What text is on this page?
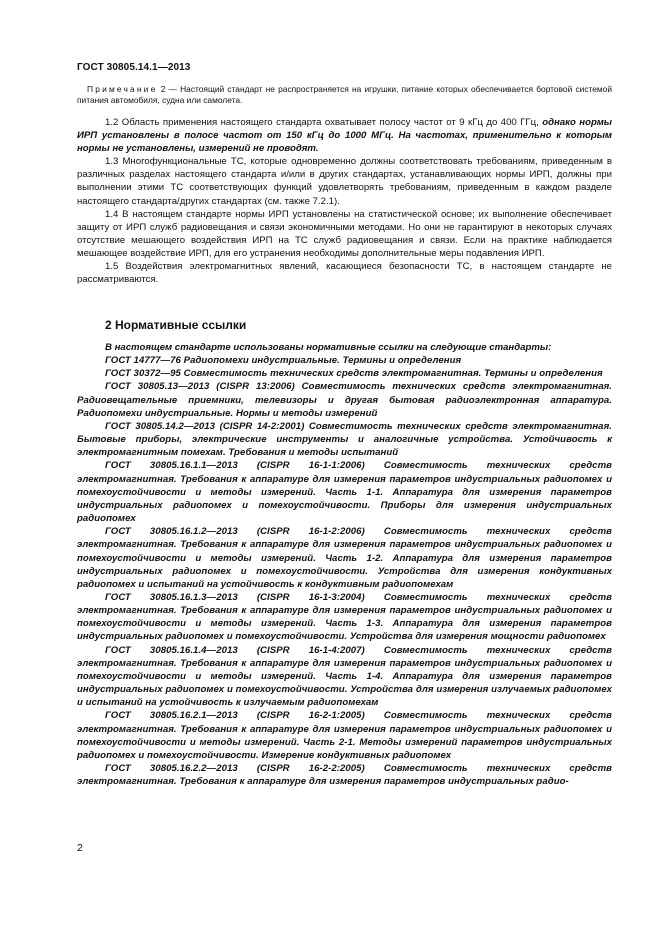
ГОСТ 30805.14.1—2013
Примечание 2 — Настоящий стандарт не распространяется на игрушки, питание которых обеспечивается бортовой системой питания автомобиля, судна или самолета.

1.2 Область применения настоящего стандарта охватывает полосу частот от 9 кГц до 400 ГГц, однако нормы ИРП установлены в полосе частот от 150 кГц до 1000 МГц. На частотах, применительно к которым нормы не установлены, измерений не проводят.

1.3 Многофункциональные ТС, которые одновременно должны соответствовать требованиям, приведенным в различных разделах настоящего стандарта и/или в других стандартах, устанавливающих нормы ИРП, должны при выполнении этими ТС соответствующих функций удовлетворять требованиям, приведенным в каждом разделе настоящего стандарта/других стандартах (см. также 7.2.1).

1.4 В настоящем стандарте нормы ИРП установлены на статистической основе; их выполнение обеспечивает защиту от ИРП служб радиовещания и связи экономичными методами. Но они не гарантируют в некоторых случаях отсутствие мешающего воздействия ИРП на ТС служб радиовещания и связи. Если на практике наблюдается мешающее воздействие ИРП, для его устранения необходимы дополнительные меры подавления ИРП.

1.5 Воздействия электромагнитных явлений, касающиеся безопасности ТС, в настоящем стандарте не рассматриваются.

2 Нормативные ссылки

В настоящем стандарте использованы нормативные ссылки на следующие стандарты:

ГОСТ 14777—76 Радиопомехи индустриальные. Термины и определения

ГОСТ 30372—95 Совместимость технических средств электромагнитная. Термины и определения

ГОСТ 30805.13—2013 (CISPR 13:2006) Совместимость технических средств электромагнитная. Радиовещательные приемники, телевизоры и другая бытовая радиоэлектронная аппаратура. Радиопомехи индустриальные. Нормы и методы измерений

ГОСТ 30805.14.2—2013 (CISPR 14-2:2001) Совместимость технических средств электромагнитная. Бытовые приборы, электрические инструменты и аналогичные устройства. Устойчивость к электромагнитным помехам. Требования и методы испытаний

ГОСТ 30805.16.1.1—2013 (CISPR 16-1-1:2006) Совместимость технических средств электромагнитная. Требования к аппаратуре для измерения параметров индустриальных радиопомех и помехоустойчивости и методы измерений. Часть 1-1. Аппаратура для измерения параметров индустриальных радиопомех и помехоустойчивости. Приборы для измерения индустриальных радиопомех

ГОСТ 30805.16.1.2—2013 (CISPR 16-1-2:2006) Совместимость технических средств электромагнитная. Требования к аппаратуре для измерения параметров индустриальных радиопомех и помехоустойчивости и методы измерений. Часть 1-2. Аппаратура для измерения параметров индустриальных радиопомех и помехоустойчивости. Устройства для измерения кондуктивных радиопомех и испытаний на устойчивость к кондуктивным радиопомехам

ГОСТ 30805.16.1.3—2013 (CISPR 16-1-3:2004) Совместимость технических средств электромагнитная. Требования к аппаратуре для измерения параметров индустриальных радиопомех и помехоустойчивости и методы измерений. Часть 1-3. Аппаратура для измерения параметров индустриальных радиопомех и помехоустойчивости. Устройства для измерения мощности радиопомех

ГОСТ 30805.16.1.4—2013 (CISPR 16-1-4:2007) Совместимость технических средств электромагнитная. Требования к аппаратуре для измерения параметров индустриальных радиопомех и помехоустойчивости и методы измерений. Часть 1-4. Аппаратура для измерения параметров индустриальных радиопомех и помехоустойчивости. Устройства для измерения излучаемых радиопомех и испытаний на устойчивость к излучаемым радиопомехам

ГОСТ 30805.16.2.1—2013 (CISPR 16-2-1:2005) Совместимость технических средств электромагнитная. Требования к аппаратуре для измерения параметров индустриальных радиопомех и помехоустойчивости и методы измерений. Часть 2-1. Методы измерений параметров индустриальных радиопомех и помехоустойчивости. Измерение кондуктивных радиопомех

ГОСТ 30805.16.2.2—2013 (CISPR 16-2-2:2005) Совместимость технических средств электромагнитная. Требования к аппаратуре для измерения параметров индустриальных радио-

2
